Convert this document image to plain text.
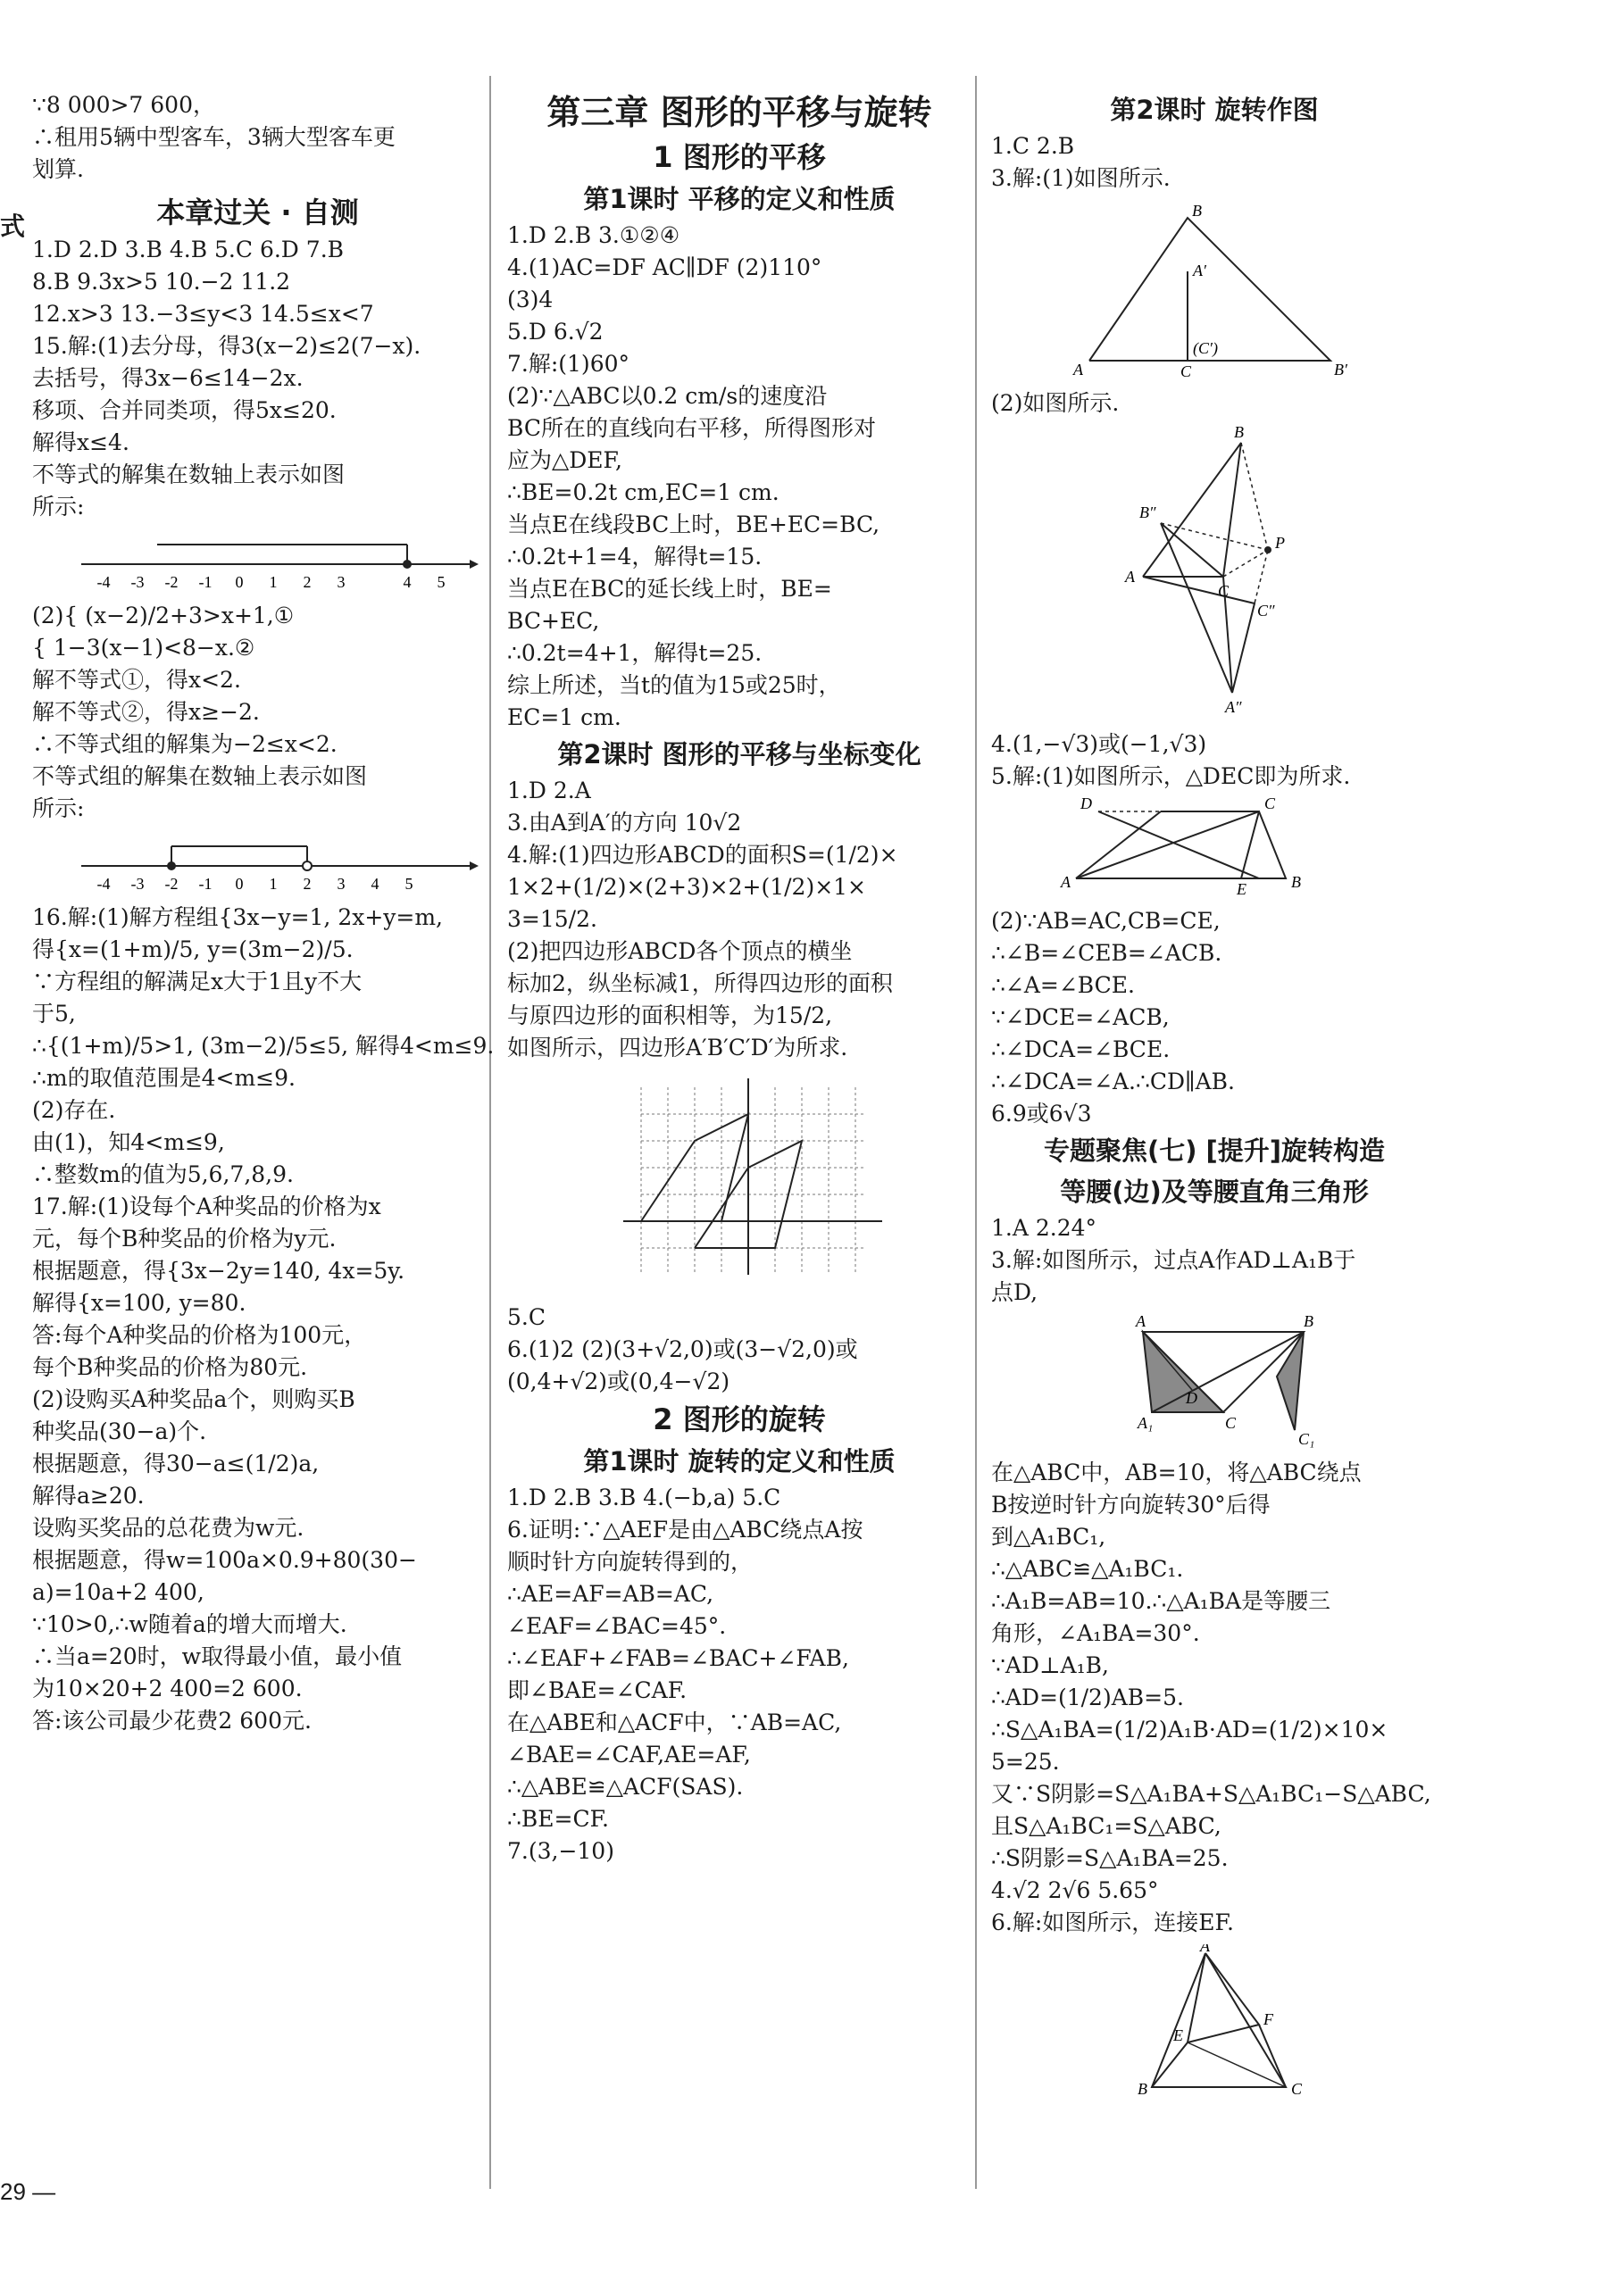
式
∵8 000>7 600，
∴租用5辆中型客车，3辆大型客车更
划算.
本章过关 · 自测
1.D 2.D 3.B 4.B 5.C 6.D 7.B
8.B 9.3x>5 10.−2 11.2
12.x>3 13.−3≤y<3 14.5≤x<7
15.解:(1)去分母，得3(x−2)≤2(7−x).
去括号，得3x−6≤14−2x.
移项、合并同类项，得5x≤20.
解得x≤4.
不等式的解集在数轴上表示如图
所示:
-4 -3 -2 -1 0 1 2 3	4 5
(2){ (x−2)/2+3>x+1,①
{ 1−3(x−1)<8−x.②
解不等式①，得x<2.
解不等式②，得x≥−2.
∴不等式组的解集为−2≤x<2.
不等式组的解集在数轴上表示如图
所示:
-4 -3 -2 -1 0 1 2 3 4 5
16.解:(1)解方程组{3x−y=1, 2x+y=m,
得{x=(1+m)/5, y=(3m−2)/5.
∵方程组的解满足x大于1且y不大
于5,
∴{(1+m)/5>1, (3m−2)/5≤5, 解得4<m≤9.
∴m的取值范围是4<m≤9.
(2)存在.
由(1)，知4<m≤9,
∴整数m的值为5,6,7,8,9.
17.解:(1)设每个A种奖品的价格为x
元，每个B种奖品的价格为y元.
根据题意，得{3x−2y=140, 4x=5y.
解得{x=100, y=80.
答:每个A种奖品的价格为100元，
每个B种奖品的价格为80元.
(2)设购买A种奖品a个，则购买B
种奖品(30−a)个.
根据题意，得30−a≤(1/2)a,
解得a≥20.
设购买奖品的总花费为w元.
根据题意，得w=100a×0.9+80(30−
a)=10a+2 400,
∵10>0,∴w随着a的增大而增大.
∴当a=20时，w取得最小值，最小值
为10×20+2 400=2 600.
答:该公司最少花费2 600元.
第三章 图形的平移与旋转
1 图形的平移
第1课时 平移的定义和性质
1.D 2.B 3.①②④
4.(1)AC=DF AC∥DF (2)110°
(3)4
5.D 6.√2
7.解:(1)60°
(2)∵△ABC以0.2 cm/s的速度沿
BC所在的直线向右平移，所得图形对
应为△DEF,
∴BE=0.2t cm,EC=1 cm.
当点E在线段BC上时，BE+EC=BC,
∴0.2t+1=4，解得t=15.
当点E在BC的延长线上时，BE=
BC+EC,
∴0.2t=4+1，解得t=25.
综上所述，当t的值为15或25时，
EC=1 cm.
第2课时 图形的平移与坐标变化
1.D 2.A
3.由A到A′的方向 10√2
4.解:(1)四边形ABCD的面积S=(1/2)×
1×2+(1/2)×(2+3)×2+(1/2)×1×
3=15/2.
(2)把四边形ABCD各个顶点的横坐
标加2，纵坐标减1，所得四边形的面积
与原四边形的面积相等，为15/2,
如图所示，四边形A′B′C′D′为所求.
5.C
6.(1)2 (2)(3+√2,0)或(3−√2,0)或
(0,4+√2)或(0,4−√2)
2 图形的旋转
第1课时 旋转的定义和性质
1.D 2.B 3.B 4.(−b,a) 5.C
6.证明:∵△AEF是由△ABC绕点A按
顺时针方向旋转得到的，
∴AE=AF=AB=AC,
∠EAF=∠BAC=45°.
∴∠EAF+∠FAB=∠BAC+∠FAB,
即∠BAE=∠CAF.
在△ABE和△ACF中，∵AB=AC,
∠BAE=∠CAF,AE=AF,
∴△ABE≌△ACF(SAS).
∴BE=CF.
7.(3,−10)
第2课时 旋转作图
1.C 2.B
3.解:(1)如图所示.
B
A′
(C′)
A	C	B′
(2)如图所示.
B
B″
P
A
C
C″
A″
4.(1,−√3)或(−1,√3)
5.解:(1)如图所示，△DEC即为所求.
D	C
A	E	B
(2)∵AB=AC,CB=CE,
∴∠B=∠CEB=∠ACB.
∴∠A=∠BCE.
∵∠DCE=∠ACB,
∴∠DCA=∠BCE.
∴∠DCA=∠A.∴CD∥AB.
6.9或6√3
专题聚焦(七) [提升]旋转构造
等腰(边)及等腰直角三角形
1.A 2.24°
3.解:如图所示，过点A作AD⊥A₁B于
点D,
A	B
A₁
D
C
C₁
在△ABC中，AB=10，将△ABC绕点
B按逆时针方向旋转30°后得
到△A₁BC₁,
∴△ABC≌△A₁BC₁.
∴A₁B=AB=10.∴△A₁BA是等腰三
角形，∠A₁BA=30°.
∵AD⊥A₁B,
∴AD=(1/2)AB=5.
∴S△A₁BA=(1/2)A₁B·AD=(1/2)×10×
5=25.
又∵S阴影=S△A₁BA+S△A₁BC₁−S△ABC,
且S△A₁BC₁=S△ABC,
∴S阴影=S△A₁BA=25.
4.√2 2√6 5.65°
6.解:如图所示，连接EF.
A
F
E
B	C
29 —
